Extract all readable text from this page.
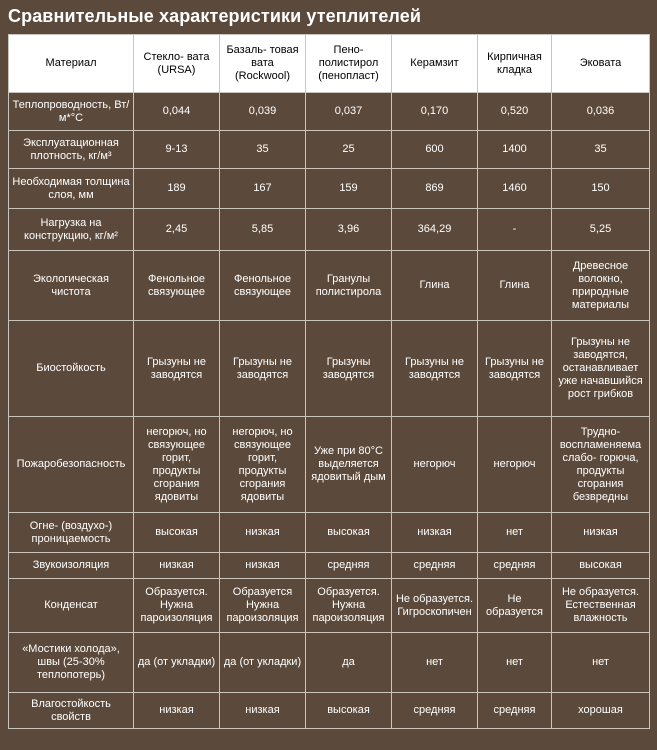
Сравнительные характеристики утеплителей
Материал	Стекло- вата (URSA)	Базаль- товая вата (Rockwool)	Пено- полистирол (пенопласт)	Керамзит	Кирпичная кладка	Эковата
Теплопроводность, Вт/м*°С	0,044	0,039	0,037	0,170	0,520	0,036
Эксплуатационная плотность, кг/м³	9-13	35	25	600	1400	35
Необходимая толщина слоя, мм	189	167	159	869	1460	150
Нагрузка на конструкцию, кг/м²	2,45	5,85	3,96	364,29	-	5,25
Экологическая чистота	Фенольное связующее	Фенольное связующее	Гранулы полистирола	Глина	Глина	Древесное волокно, природные материалы
Биостойкость	Грызуны не заводятся	Грызуны не заводятся	Грызуны заводятся	Грызуны не заводятся	Грызуны не заводятся	Грызуны не заводятся, останавливает уже начавшийся рост грибков
Пожаробезопасность	негорюч, но связующее горит, продукты сгорания ядовиты	негорюч, но связующее горит, продукты сгорания ядовиты	Уже при 80°С выделяется ядовитый дым	негорюч	негорюч	Трудно- воспламеняема слабо- горюча, продукты сгорания безвредны
Огне- (воздухо-) проницаемость	высокая	низкая	высокая	низкая	нет	низкая
Звукоизоляция	низкая	низкая	средняя	средняя	средняя	высокая
Конденсат	Образуется. Нужна пароизоляция	Образуется Нужна пароизоляция	Образуется. Нужна пароизоляция	Не образуется. Гигроскопичен	Не образуется	Не образуется. Естественная влажность
«Мостики холода», швы (25-30% теплопотерь)	да (от укладки)	да (от укладки)	да	нет	нет	нет
Влагостойкость свойств	низкая	низкая	высокая	средняя	средняя	хорошая
